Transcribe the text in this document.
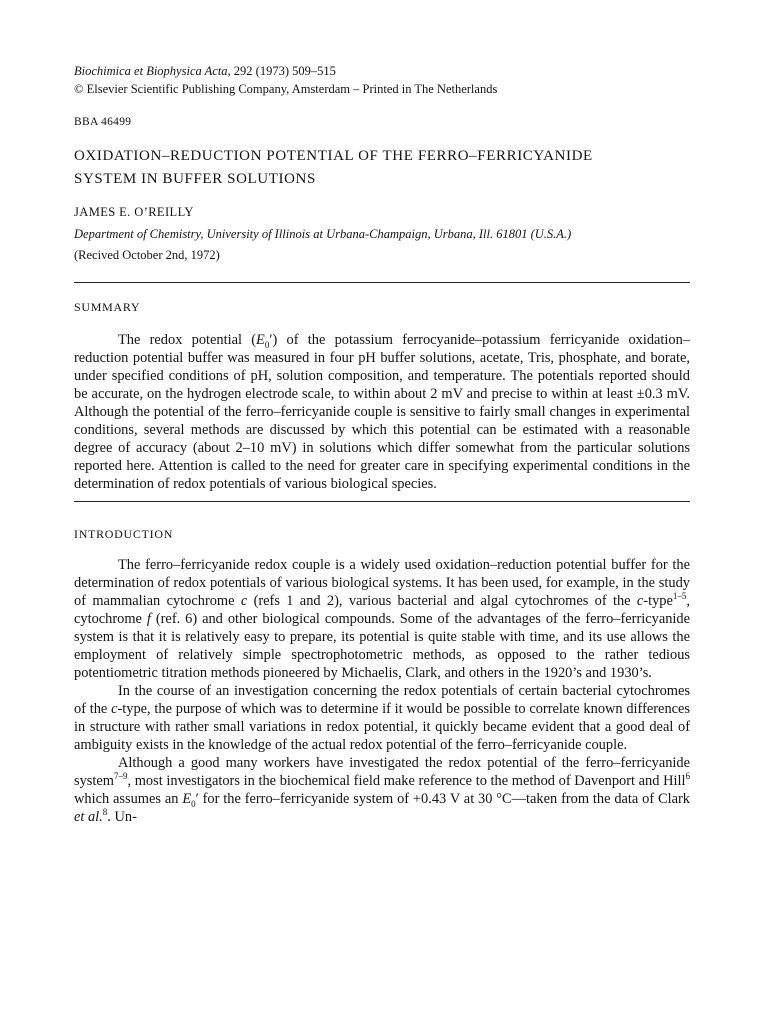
Biochimica et Biophysica Acta, 292 (1973) 509–515
© Elsevier Scientific Publishing Company, Amsterdam – Printed in The Netherlands
BBA 46499
OXIDATION–REDUCTION POTENTIAL OF THE FERRO–FERRICYANIDE
SYSTEM IN BUFFER SOLUTIONS
JAMES E. O’REILLY
Department of Chemistry, University of Illinois at Urbana-Champaign, Urbana, Ill. 61801 (U.S.A.)
(Recived October 2nd, 1972)
SUMMARY

The redox potential $(E_0')$ of the potassium ferrocyanide–potassium ferricyanide oxidation–reduction potential buffer was measured in four pH buffer solutions, acetate, Tris, phosphate, and borate, under specified conditions of pH, solution composition, and temperature. The potentials reported should be accurate, on the hydrogen electrode scale, to within about 2 mV and precise to within at least ±0.3 mV. Although the potential of the ferro–ferricyanide couple is sensitive to fairly small changes in experimental conditions, several methods are discussed by which this potential can be estimated with a reasonable degree of accuracy (about 2–10 mV) in solutions which differ somewhat from the particular solutions reported here. Attention is called to the need for greater care in specifying experimental conditions in the determination of redox potentials of various biological species.

INTRODUCTION

The ferro–ferricyanide redox couple is a widely used oxidation–reduction potential buffer for the determination of redox potentials of various biological systems. It has been used, for example, in the study of mammalian cytochrome c (refs 1 and 2), various bacterial and algal cytochromes of the c-type$^{1-5}$, cytochrome f (ref. 6) and other biological compounds. Some of the advantages of the ferro–ferricyanide system is that it is relatively easy to prepare, its potential is quite stable with time, and its use allows the employment of relatively simple spectrophotometric methods, as opposed to the rather tedious potentiometric titration methods pioneered by Michaelis, Clark, and others in the 1920’s and 1930’s.

In the course of an investigation concerning the redox potentials of certain bacterial cytochromes of the c-type, the purpose of which was to determine if it would be possible to correlate known differences in structure with rather small variations in redox potential, it quickly became evident that a good deal of ambiguity exists in the knowledge of the actual redox potential of the ferro–ferricyanide couple.

Although a good many workers have investigated the redox potential of the ferro–ferricyanide system$^{7-9}$, most investigators in the biochemical field make reference to the method of Davenport and Hill$^6$ which assumes an $E_0'$ for the ferro–ferricyanide system of +0.43 V at 30 °C—taken from the data of Clark et al.$^8$. Un-
